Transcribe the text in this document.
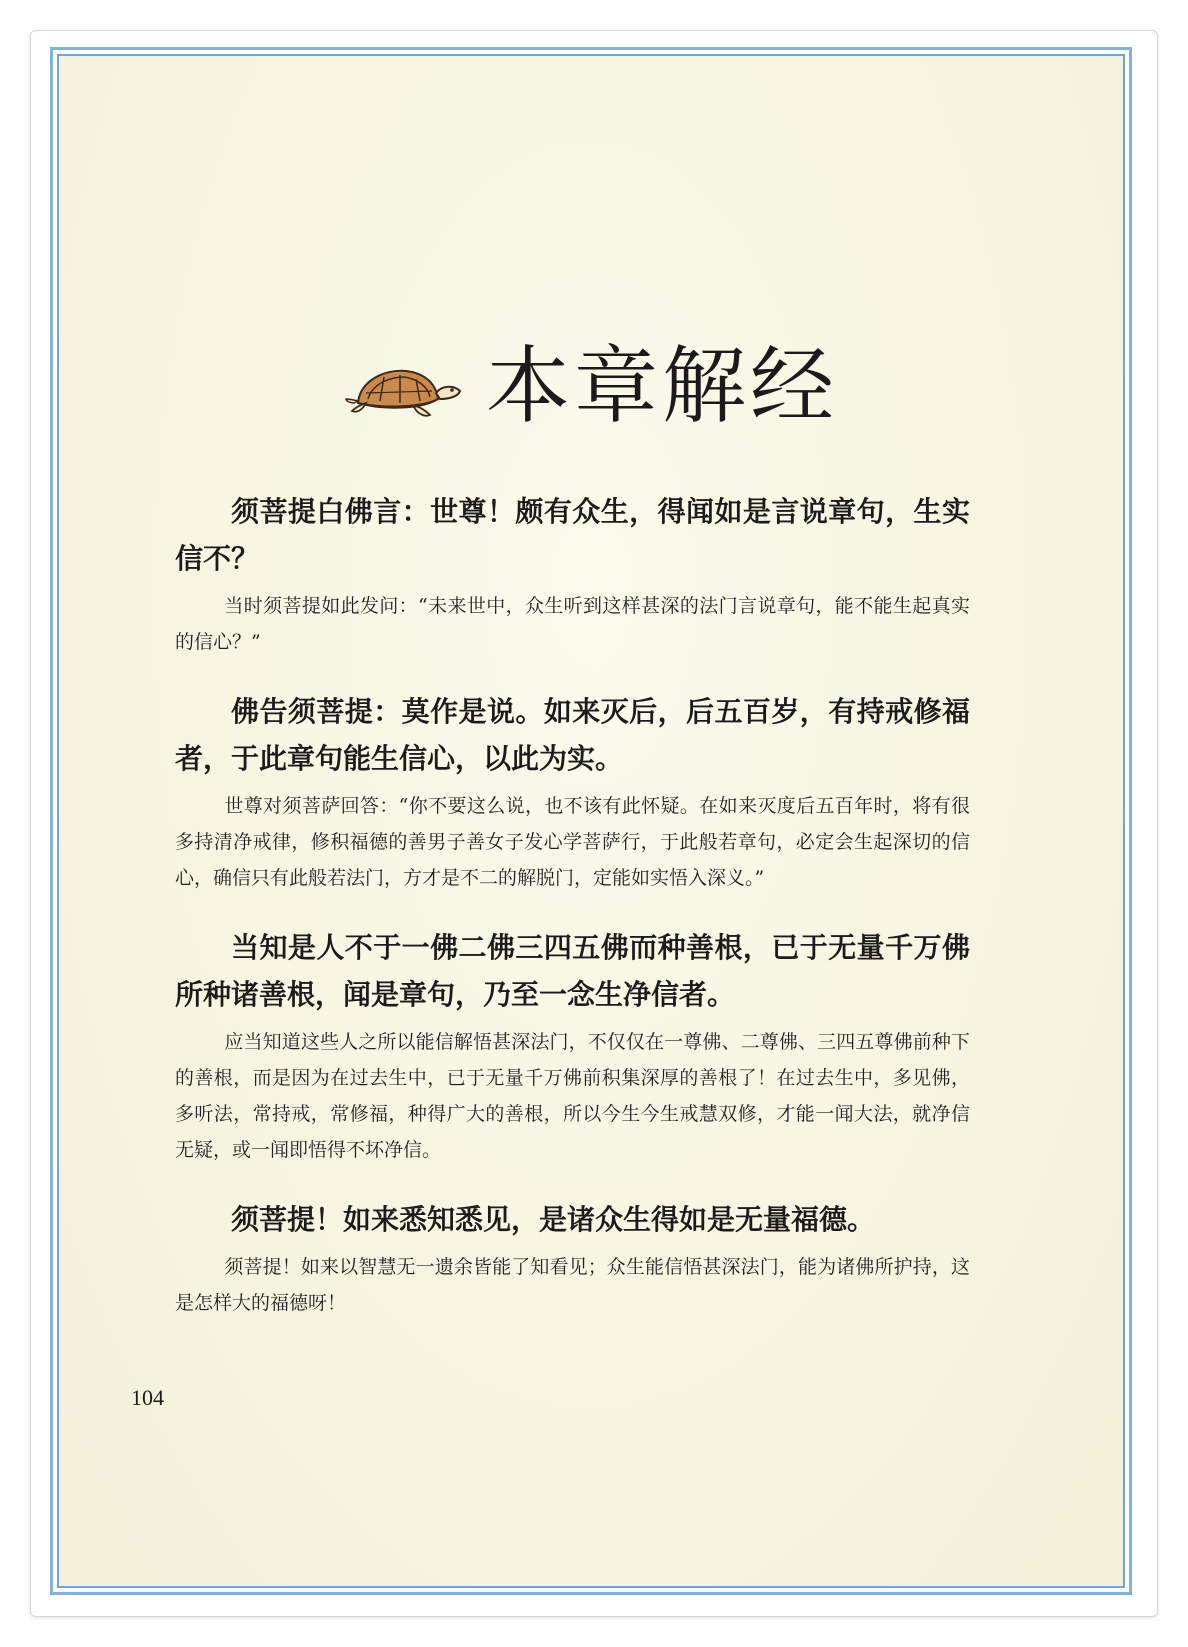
本章解经

须菩提白佛言：世尊！颇有众生，得闻如是言说章句，生实信不？

当时须菩提如此发问：“未来世中，众生听到这样甚深的法门言说章句，能不能生起真实的信心？”

佛告须菩提：莫作是说。如来灭后，后五百岁，有持戒修福者，于此章句能生信心，以此为实。

世尊对须菩萨回答：“你不要这么说，也不该有此怀疑。在如来灭度后五百年时，将有很多持清净戒律，修积福德的善男子善女子发心学菩萨行，于此般若章句，必定会生起深切的信心，确信只有此般若法门，方才是不二的解脱门，定能如实悟入深义。”

当知是人不于一佛二佛三四五佛而种善根，已于无量千万佛所种诸善根，闻是章句，乃至一念生净信者。

应当知道这些人之所以能信解悟甚深法门，不仅仅在一尊佛、二尊佛、三四五尊佛前种下的善根，而是因为在过去生中，已于无量千万佛前积集深厚的善根了！在过去生中，多见佛，多听法，常持戒，常修福，种得广大的善根，所以今生今生戒慧双修，才能一闻大法，就净信无疑，或一闻即悟得不坏净信。

须菩提！如来悉知悉见，是诸众生得如是无量福德。

须菩提！如来以智慧无一遗余皆能了知看见；众生能信悟甚深法门，能为诸佛所护持，这是怎样大的福德呀！

104
